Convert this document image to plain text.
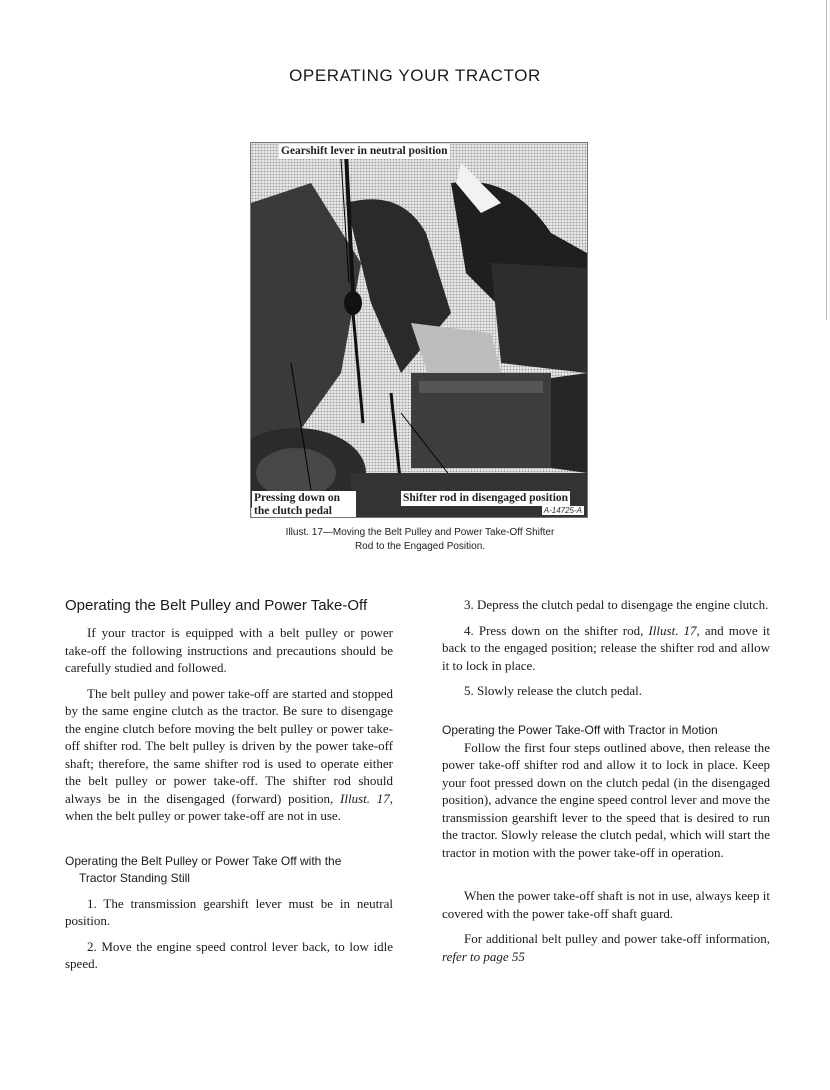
OPERATING YOUR TRACTOR
Gearshift lever in neutral position
Pressing down on the clutch pedal
Shifter rod in disengaged position
A-14725-A
Illust. 17—Moving the Belt Pulley and Power Take-Off Shifter
Rod to the Engaged Position.
Operating the Belt Pulley and Power Take-Off

If your tractor is equipped with a belt pulley or power take-off the following instructions and precautions should be carefully studied and followed.

The belt pulley and power take-off are started and stopped by the same engine clutch as the tractor. Be sure to disengage the engine clutch before moving the belt pulley or power take-off shifter rod. The belt pulley is driven by the power take-off shaft; therefore, the same shifter rod is used to operate either the belt pulley or power take-off. The shifter rod should always be in the disengaged (forward) position, Illust. 17, when the belt pulley or power take-off are not in use.

Operating the Belt Pulley or Power Take Off with the
Tractor Standing Still

1. The transmission gearshift lever must be in neutral position.

2. Move the engine speed control lever back, to low idle speed.

3. Depress the clutch pedal to disengage the engine clutch.

4. Press down on the shifter rod, Illust. 17, and move it back to the engaged position; release the shifter rod and allow it to lock in place.

5. Slowly release the clutch pedal.

Operating the Power Take-Off with Tractor in Motion

Follow the first four steps outlined above, then release the power take-off shifter rod and allow it to lock in place. Keep your foot pressed down on the clutch pedal (in the disengaged position), advance the engine speed control lever and move the transmission gearshift lever to the speed that is desired to run the tractor. Slowly release the clutch pedal, which will start the tractor in motion with the power take-off in operation.

When the power take-off shaft is not in use, always keep it covered with the power take-off shaft guard.

For additional belt pulley and power take-off information, refer to page 55
